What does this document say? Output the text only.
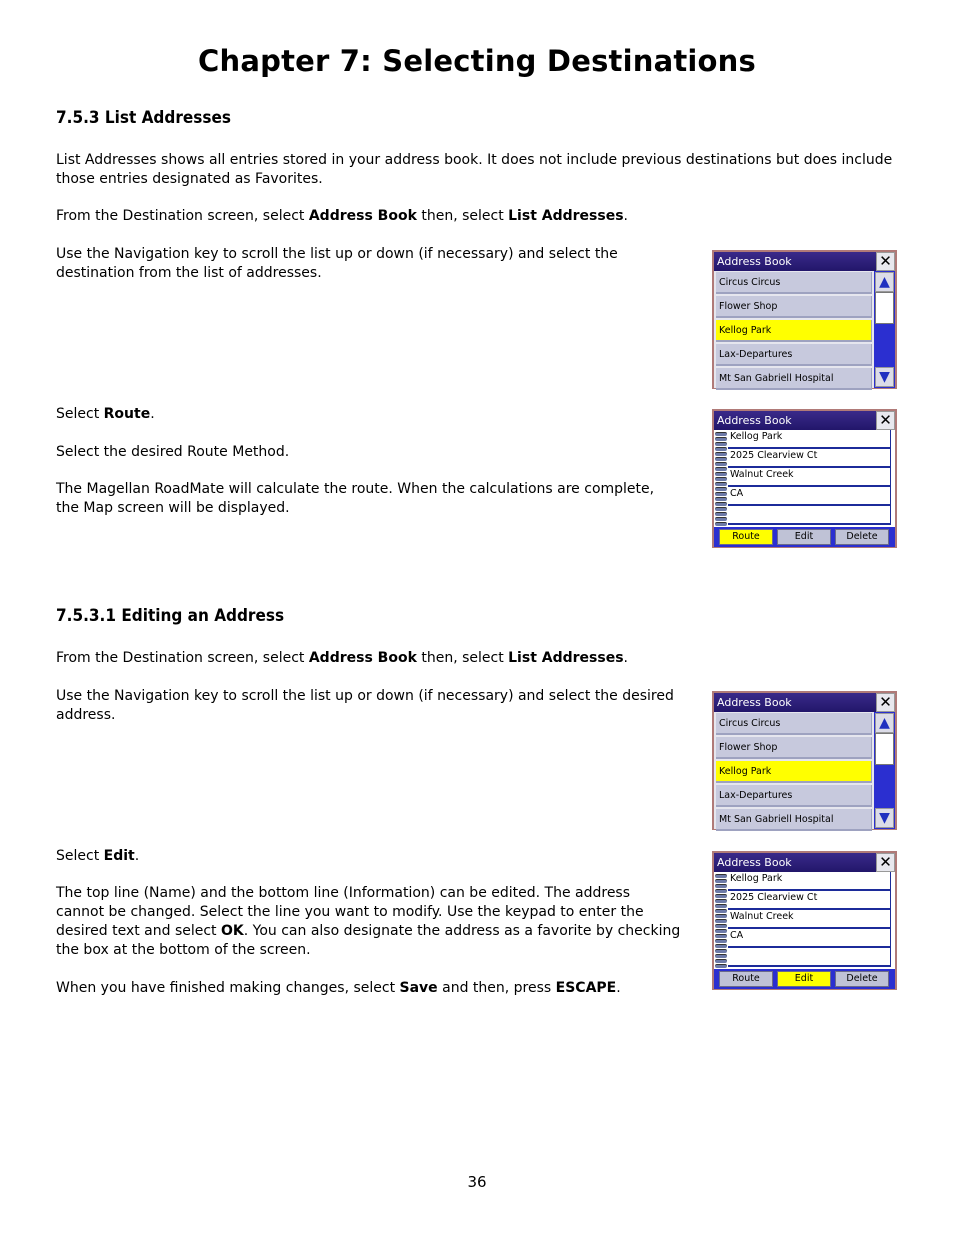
Chapter 7: Selecting Destinations
7.5.3 List Addresses
List Addresses shows all entries stored in your address book. It does not include previous destinations but does include those entries designated as Favorites.
From the Destination screen, select Address Book then, select List Addresses.
Use the Navigation key to scroll the list up or down (if necessary) and select the destination from the list of addresses.
Select Route.
Select the desired Route Method.
The Magellan RoadMate will calculate the route. When the calculations are complete, the Map screen will be displayed.
7.5.3.1 Editing an Address
From the Destination screen, select Address Book then, select List Addresses.
Use the Navigation key to scroll the list up or down (if necessary) and select the desired address.
Select Edit.
The top line (Name) and the bottom line (Information) can be edited. The address cannot be changed. Select the line you want to modify. Use the keypad to enter the desired text and select OK. You can also designate the address as a favorite by checking the box at the bottom of the screen.
When you have finished making changes, select Save and then, press ESCAPE.
Address Book	✕
Circus Circus
Flower Shop
Kellog Park
Lax-Departures
Mt San Gabriell Hospital
▲
▼
Address Book	✕
Kellog Park
2025 Clearview Ct
Walnut Creek
CA
Route	Edit	Delete
Address Book	✕
Circus Circus
Flower Shop
Kellog Park
Lax-Departures
Mt San Gabriell Hospital
▲
▼
Address Book	✕
Kellog Park
2025 Clearview Ct
Walnut Creek
CA
Route	Edit	Delete
36
